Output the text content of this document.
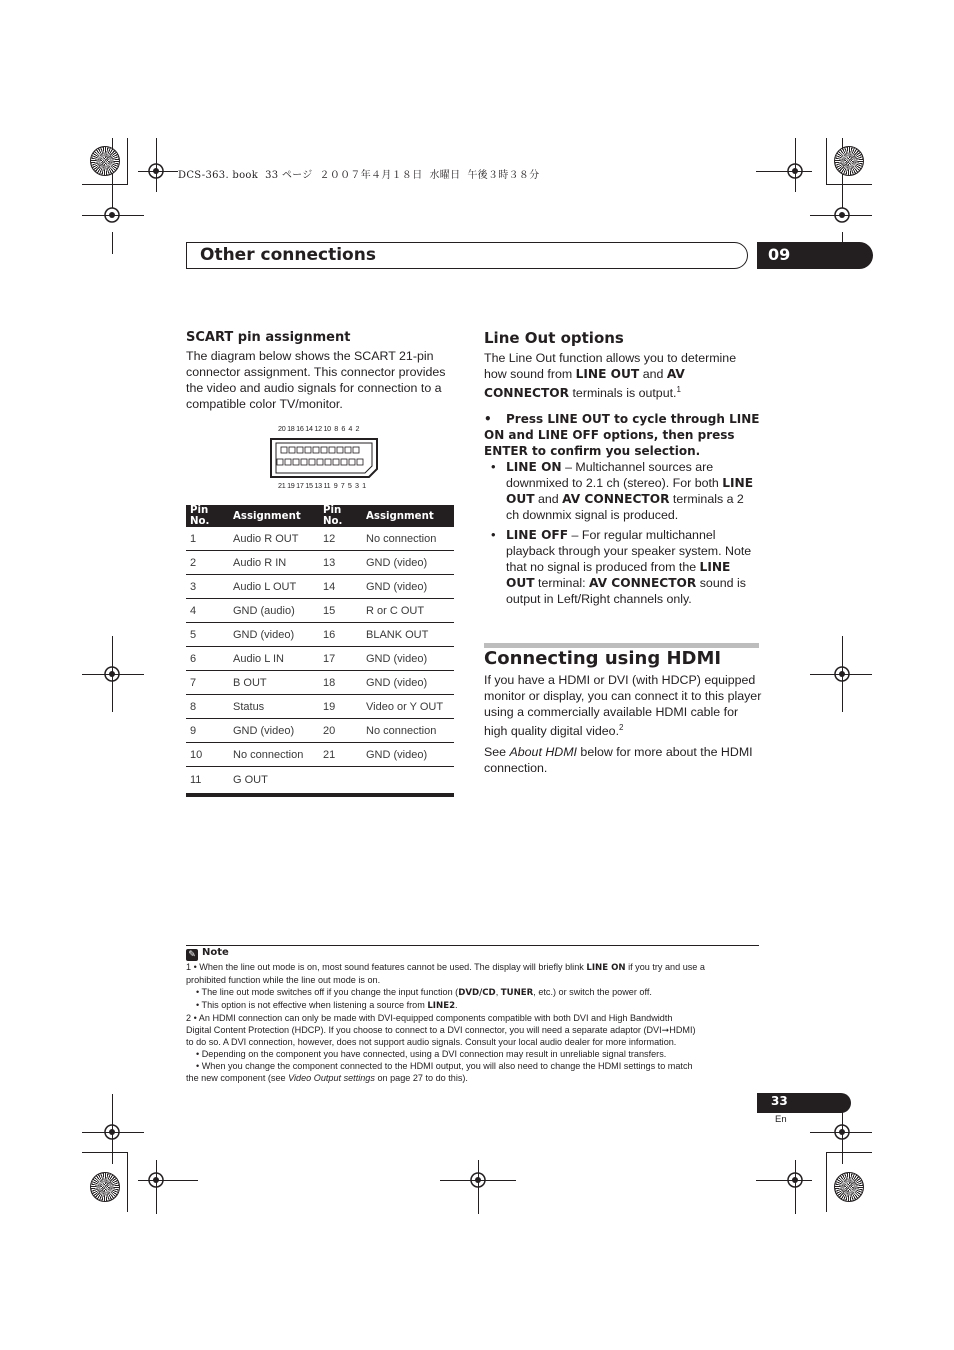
DCS-363. book  33 ページ  ２００７年４月１８日  水曜日  午後３時３８分
Other connections	09
SCART pin assignment
The diagram below shows the SCART 21-pin connector assignment. This connector provides the video and audio signals for connection to a compatible color TV/monitor.
20 18 16 14 12 10  8  6  4  2
21 19 17 15 13 11  9  7  5  3  1
Pin No.	Assignment	Pin No.	Assignment
1	Audio R OUT	12	No connection
2	Audio R IN	13	GND (video)
3	Audio L OUT	14	GND (video)
4	GND (audio)	15	R or C OUT
5	GND (video)	16	BLANK OUT
6	Audio L IN	17	GND (video)
7	B OUT	18	GND (video)
8	Status	19	Video or Y OUT
9	GND (video)	20	No connection
10	No connection	21	GND (video)
11	G OUT		
Line Out options
The Line Out function allows you to determine how sound from LINE OUT and AV CONNECTOR terminals is output.$^1$
• Press LINE OUT to cycle through LINE ON and LINE OFF options, then press ENTER to confirm you selection.
• LINE ON – Multichannel sources are downmixed to 2.1 ch (stereo). For both LINE OUT and AV CONNECTOR terminals a 2 ch downmix signal is produced.
• LINE OFF – For regular multichannel playback through your speaker system. Note that no signal is produced from the LINE OUT terminal: AV CONNECTOR sound is output in Left/Right channels only.
Connecting using HDMI
If you have a HDMI or DVI (with HDCP) equipped monitor or display, you can connect it to this player using a commercially available HDMI cable for high quality digital video.$^2$
See About HDMI below for more about the HDMI connection.
✎ Note
1 • When the line out mode is on, most sound features cannot be used. The display will briefly blink LINE ON if you try and use a
prohibited function while the line out mode is on.
• The line out mode switches off if you change the input function (DVD/CD, TUNER, etc.) or switch the power off.
• This option is not effective when listening a source from LINE2.
2 • An HDMI connection can only be made with DVI-equipped components compatible with both DVI and High Bandwidth
Digital Content Protection (HDCP). If you choose to connect to a DVI connector, you will need a separate adaptor (DVI➞HDMI)
to do so. A DVI connection, however, does not support audio signals. Consult your local audio dealer for more information.
• Depending on the component you have connected, using a DVI connection may result in unreliable signal transfers.
• When you change the component connected to the HDMI output, you will also need to change the HDMI settings to match
the new component (see Video Output settings on page 27 to do this).
33
En
